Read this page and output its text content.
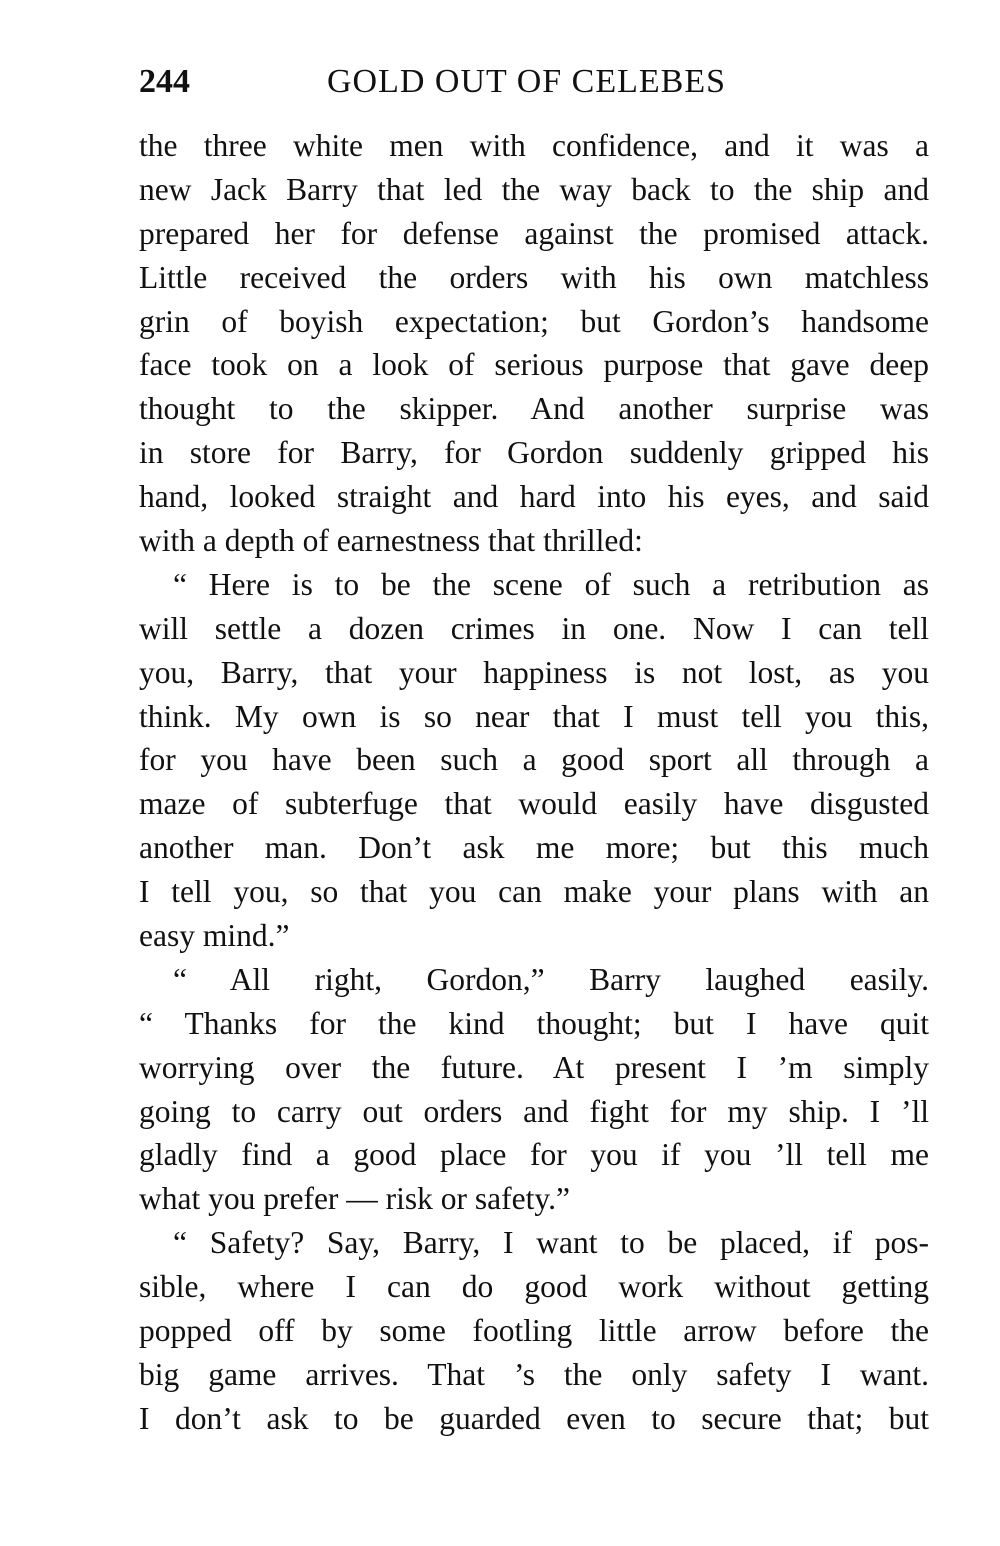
244	GOLD OUT OF CELEBES
the three white men with confidence, and it was a
new Jack Barry that led the way back to the ship and
prepared her for defense against the promised attack.
Little received the orders with his own matchless
grin of boyish expectation; but Gordon’s handsome
face took on a look of serious purpose that gave deep
thought to the skipper. And another surprise was
in store for Barry, for Gordon suddenly gripped his
hand, looked straight and hard into his eyes, and said
with a depth of earnestness that thrilled:
“ Here is to be the scene of such a retribution as
will settle a dozen crimes in one. Now I can tell
you, Barry, that your happiness is not lost, as you
think. My own is so near that I must tell you this,
for you have been such a good sport all through a
maze of subterfuge that would easily have disgusted
another man. Don’t ask me more; but this much
I tell you, so that you can make your plans with an
easy mind.”
“ All right, Gordon,” Barry laughed easily.
“ Thanks for the kind thought; but I have quit
worrying over the future. At present I ’m simply
going to carry out orders and fight for my ship. I ’ll
gladly find a good place for you if you ’ll tell me
what you prefer — risk or safety.”
“ Safety? Say, Barry, I want to be placed, if pos-
sible, where I can do good work without getting
popped off by some footling little arrow before the
big game arrives. That ’s the only safety I want.
I don’t ask to be guarded even to secure that; but
